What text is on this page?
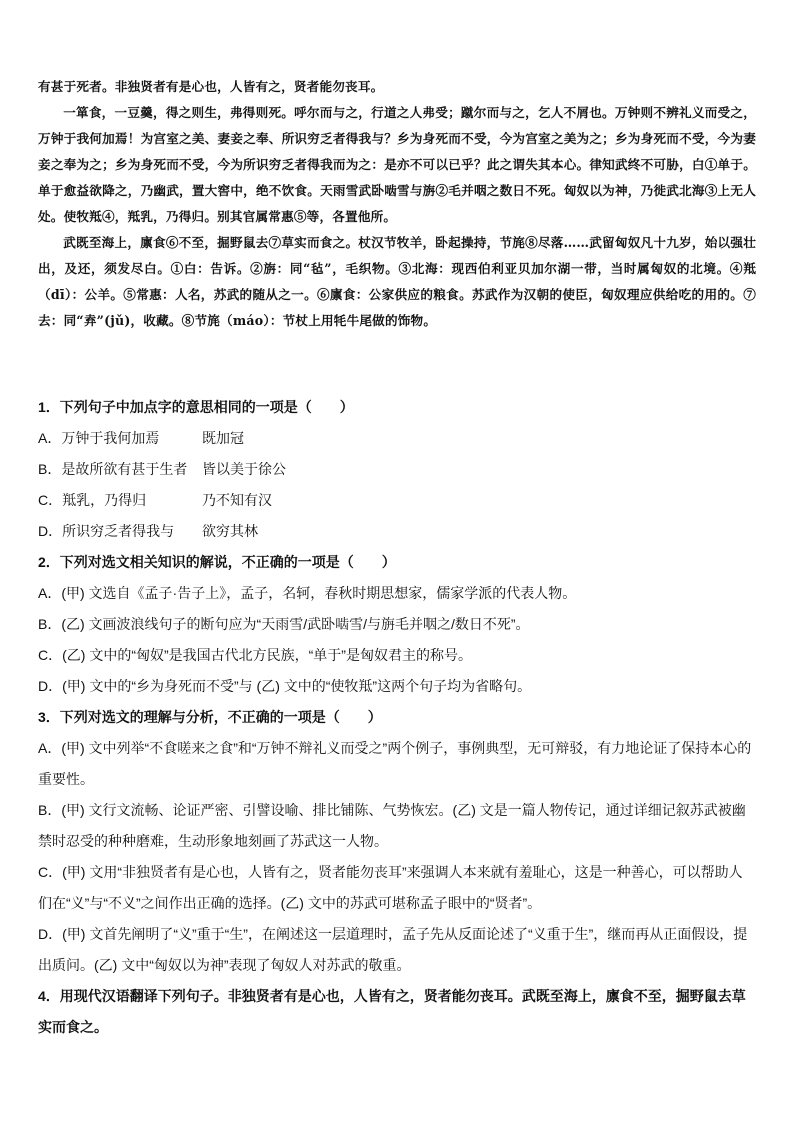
有甚于死者。非独贤者有是心也，人皆有之，贤者能勿丧耳。

一箪食，一豆羹，得之则生，弗得则死。呼尔而与之，行道之人弗受；蹴尔而与之，乞人不屑也。万钟则不辨礼义而受之，万钟于我何加焉！为宫室之美、妻妾之奉、所识穷乏者得我与？乡为身死而不受，今为宫室之美为之；乡为身死而不受，今为妻妾之奉为之；乡为身死而不受，今为所识穷乏者得我而为之：是亦不可以已乎？此之谓失其本心。律知武终不可胁，白①单于。单于愈益欲降之，乃幽武，置大窖中，绝不饮食。天雨雪武卧啮雪与旃②毛并咽之数日不死。匈奴以为神，乃徙武北海③上无人处。使牧羝④，羝乳，乃得归。别其官属常惠⑤等，各置他所。

武既至海上，廪食⑥不至，掘野鼠去⑦草实而食之。杖汉节牧羊，卧起操持，节旄⑧尽落……武留匈奴凡十九岁，始以强壮出，及还，须发尽白。①白：告诉。②旃：同“毡”，毛织物。③北海：现西伯利亚贝加尔湖一带，当时属匈奴的北境。④羝（dī）：公羊。⑤常惠：人名，苏武的随从之一。⑥廪食：公家供应的粮食。苏武作为汉朝的使臣，匈奴理应供给吃的用的。⑦去：同“弆”(jǔ)，收藏。⑧节旄（máo）：节杖上用牦牛尾做的饰物。

1．下列句子中加点字的意思相同的一项是（　　）

A．万钟于我何加焉	既加冠

B．是故所欲有甚于生者 皆以美于徐公

C．羝乳，乃得归	乃不知有汉

D．所识穷乏者得我与 欲穷其林

2．下列对选文相关知识的解说，不正确的一项是（　　）

A．(甲) 文选自《孟子·告子上》，孟子，名轲，春秋时期思想家，儒家学派的代表人物。

B．(乙) 文画波浪线句子的断句应为“天雨雪/武卧啮雪/与旃毛并咽之/数日不死”。

C．(乙) 文中的“匈奴”是我国古代北方民族，“单于”是匈奴君主的称号。

D．(甲) 文中的“乡为身死而不受”与 (乙) 文中的“使牧羝”这两个句子均为省略句。

3．下列对选文的理解与分析，不正确的一项是（　　）

A．(甲) 文中列举“不食嗟来之食”和“万钟不辩礼义而受之”两个例子，事例典型，无可辩驳，有力地论证了保持本心的重要性。

B．(甲) 文行文流畅、论证严密、引譬设喻、排比铺陈、气势恢宏。(乙) 文是一篇人物传记，通过详细记叙苏武被幽禁时忍受的种种磨难，生动形象地刻画了苏武这一人物。

C．(甲) 文用“非独贤者有是心也，人皆有之，贤者能勿丧耳”来强调人本来就有羞耻心，这是一种善心，可以帮助人们在“义”与“不义”之间作出正确的选择。(乙) 文中的苏武可堪称孟子眼中的“贤者”。

D．(甲) 文首先阐明了“义”重于“生”，在阐述这一层道理时，孟子先从反面论述了“义重于生”，继而再从正面假设，提出质问。(乙) 文中“匈奴以为神”表现了匈奴人对苏武的敬重。

4．用现代汉语翻译下列句子。非独贤者有是心也，人皆有之，贤者能勿丧耳。武既至海上，廪食不至，掘野鼠去草实而食之。
